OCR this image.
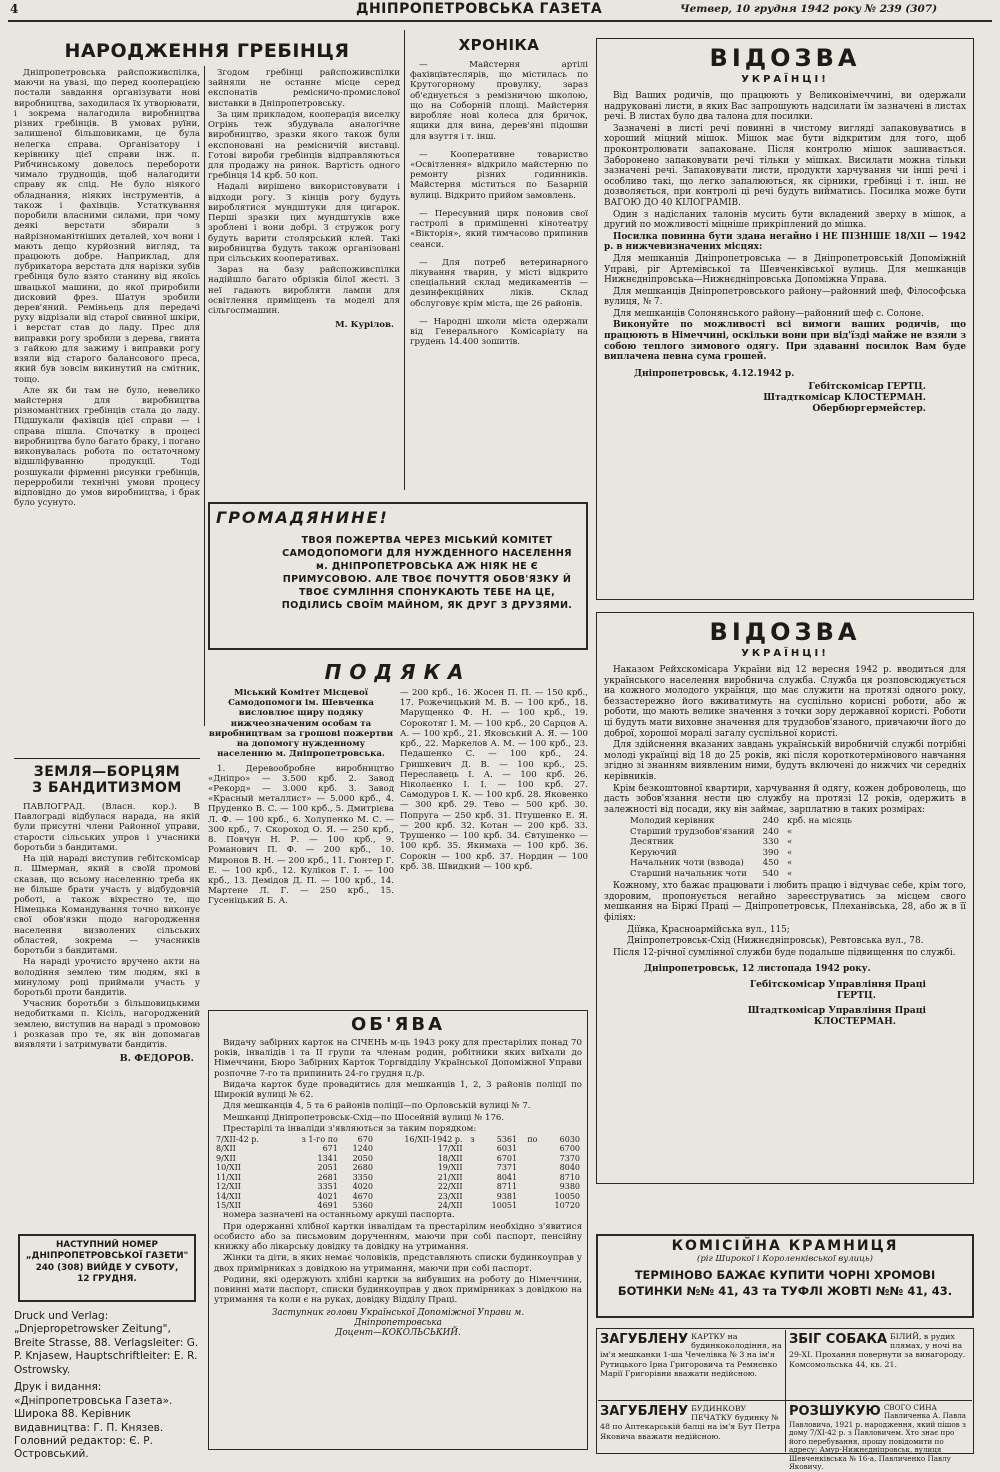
4	ДНІПРОПЕТРОВСЬКА ГАЗЕТА	Четвер, 10 грудня 1942 року № 239 (307)
НАРОДЖЕННЯ ГРЕБІНЦЯ

Дніпропетровська райспоживспілка, маючи на увазі, що перед кооперацією постали завдання організувати нові виробництва, заходилася їх утворювати, і зокрема налагодила виробництва різних гребінців. В умовах руїни, залишеної більшовиками, це була нелегка справа. Організатору і керівнику цієї справи інж. п. Рибчинському довелось перебороти чимало труднощів, щоб налагодити справу як слід. Не було ніякого обладнання, ніяких інструментів, а також і фахівців. Устаткування поробили власними силами, при чому деякі верстати збирали з найрізноманітніших деталей, хоч вони і мають дещо курйозний вигляд, та працюють добре. Наприклад, для лубрикатора верстата для нарізки зубів гребінця було взято станину від якоїсь швацької машини, до якої приробили дисковий фрез. Шатун зробили дерев'яний. Реміньець для передачі руху відрізали від старої свинної шкіри, і верстат став до ладу. Прес для виправки рогу зробили з дерева, гвинта з гайкою для зажиму і виправки рогу взяли від старого балансового преса, який був зовсім викинутий на смітник, тощо.

Але як би там не було, невелико майстерня для виробництва різноманітних гребінців стала до ладу. Підшукали фахівців цієї справи — і справа пішла. Спочатку в процесі виробництва було багато браку, і погано виконувалась робота по остаточному відшліфуванню продукції. Тоді розшукали фірменні рисунки гребінців, перерробили технічні умови процесу відповідно до умов виробництва, і брак було усунуто.

Згодом гребінці райспоживспілки зайняли не останнє місце серед експонатів ремісничо-промислової виставки в Дніпропетровську.

За цим прикладом, кооперація виселку Огрінь теж збудувала аналогічне виробництво, зразки якого також були експоновані на ремісничій виставці. Готові вироби гребінців відправляються для продажу на ринок. Вартість одного гребінця 14 крб. 50 коп.

Надалі вирішено використовувати і відходи рогу. З кінців рогу будуть вироблятися мундштуки для цигарок. Перші зразки цих мундштуків вже зроблені і вони добрі. З стружок рогу будуть варити столярський клей. Такі виробництва будуть також організовані при сільських кооперативах.

Зараз на базу райспоживспілки надійшло багато обрізків білої жесті. З неї гадають виробляти лампи для освітлення приміщень та моделі для сільгоспмашин.

М. Курілов.

ХРОНІКА

— Майстерня артілі фахівцівтеслярів, що містилась по Крутогорному провулку, зараз об'єднується з ремізничою школою, що на Соборній площі. Майстерня виробляє нові колеса для бричок, ящики для вина, дерев'яні підошви для взуття і т. інш.

— Кооперативне товариство «Освітлення» відкрило майстерню по ремонту різних годинників. Майстерня міститься по Базарній вулиці. Відкрито прийом замовлень.

— Пересувний цирк поновив свої гастролі в приміщенні кінотеатру «Вікторія», який тимчасово припинив сеанси.

— Для потреб ветеринарного лікування тварин, у місті відкрито спеціальний склад медикаментів — дезинфекційних ліків. Склад обслуговує крім міста, ще 26 районів.

— Народні школи міста одержали від Генерального Комісаріату на грудень 14.400 зошитів.

ВІДОЗВА
УКРАЇНЦІ!

Від Ваших родичів, що працюють у Великонімеччині, ви одержали надруковані листи, в яких Вас запрошують надсилати їм зазначені в листах речі. В листах було два талона для посилки.

Зазначені в листі речі повинні в чистому вигляді запаковуватись в хороший міцний мішок. Мішок має бути відкритим для того, щоб проконтролювати запаковане. Після контролю мішок зашивається. Заборонено запаковувати речі тільки у мішках. Висилати можна тільки зазначені речі. Запаковувати листи, продукти харчування чи інші речі і особливо такі, що легко запалюються, як сірники, гребінці і т. інш. не дозволяється, при контролі ці речі будуть вийматись. Посилка може бути ВАГОЮ ДО 40 КІЛОГРАМІВ.

Один з надісланих талонів мусить бути вкладений зверху в мішок, а другий по можливості міцніше прикріплений до мішка.

Посилка повинна бути здана негайно і НЕ ПІЗНІШЕ 18/XII — 1942 р. в нижчевизначених місцях:

Для мешканців Дніпропетровська — в Дніпропетровській Допоміжній Управі, ріг Артемівської та Шевченківської вулиць. Для мешканців Нижнєдніпровська—Нижнєдніпровська Допоміжна Управа.

Для мешканців Дніпропетровського району—районний шеф, Філософська вулиця, № 7.

Для мешканців Солонянського району—районний шеф с. Солоне.

Виконуйте по можливості всі вимоги ваших родичів, що працюють в Німеччині, оскільки вони при від'їзді майже не взяли з собою теплого зимового одягу. При здаванні посилок Вам буде виплачена певна сума грошей.

Дніпропетровськ, 4.12.1942 р.

Гебітскомісар ГЕРТЦ.

Штадткомісар КЛОСТЕРМАН.

Обербюргермейстер.

ГРОМАДЯНИНЕ!
ТВОЯ ПОЖЕРТВА ЧЕРЕЗ МІСЬКИЙ КОМІТЕТ САМОДОПОМОГИ ДЛЯ НУЖДЕННОГО НАСЕЛЕННЯ м. ДНІПРОПЕТРОВСЬКА АЖ НІЯК НЕ Є ПРИМУСОВОЮ. АЛЕ ТВОЄ ПОЧУТТЯ ОБОВ'ЯЗКУ Й ТВОЄ СУМЛІННЯ СПОНУКАЮТЬ ТЕБЕ НА ЦЕ, ПОДІЛИСЬ СВОЇМ МАЙНОМ, ЯК ДРУГ З ДРУЗЯМИ.
ПОДЯКА

Міський Комітет Місцевої Самодопомоги ім. Шевченка висловлює щиру подяку нижчеозначеним особам та виробництвам за грошові пожертви на допомогу нужденному населенню м. Дніпропетровська.

1. Деревообробне виробництво «Дніпро» — 3.500 крб. 2. Завод «Рекорд» — 3.000 крб. 3. Завод «Красный металлист» — 5.000 крб., 4. Пруденко В. С. — 100 крб., 5. Дмитрієва Л. Ф. — 100 крб., 6. Холупенко М. С. — 300 крб., 7. Скороход О. Я. — 250 крб., 8. Повчун Н. Р. — 100 крб., 9. Романович П. Ф. — 200 крб., 10. Миронов В. Н. — 200 крб., 11. Гюнтер Г. Е. — 100 крб., 12. Куліков Г. І. — 100 крб., 13. Демідов Д. П. — 100 крб., 14. Мартене Л. Г. — 250 крб., 15. Гусеніцький Б. А.

— 200 крб., 16. Жосен П. П. — 150 крб., 17. Рожечицький М. В. — 100 крб., 18. Марущенко Ф. Н. — 100 крб., 19. Сорокотяг І. М. — 100 крб., 20 Сарцов А. А. — 100 крб., 21. Яковський А. Я. — 100 крб., 22. Маркелов А. М. — 100 крб., 23. Педашенко С. — 100 крб., 24. Гришкевич Д. В. — 100 крб., 25. Переславець І. А. — 100 крб. 26. Ніколаєнко І. І. — 100 крб. 27. Самодуров І. К. — 100 крб. 28. Яковенко — 300 крб. 29. Тево — 500 крб. 30. Попруга — 250 крб. 31. Птушенко Е. Я. — 200 крб. 32. Котан — 200 крб. 33. Трушенко — 100 крб. 34. Євтушенко — 100 крб. 35. Якимаха — 100 крб. 36. Сорокін — 100 крб. 37. Нордин — 100 крб. 38. Швидкий — 100 крб.

ОБ'ЯВА

Видачу забірних карток на СІЧЕНЬ м-ць 1943 року для престарілих понад 70 років, інвалідів і та II групи та членам родин, робітники яких виїхали до Німеччини, Бюро Забірних Карток Торгвідділу Української Допоміжної Управи розпочне 7-го та припинить 24-го грудня ц./р.

Видача карток буде провадитись для мешканців 1, 2, 3 районів поліції по Широкій вулиці № 62.

Для мешканців 4, 5 та 6 районів поліції—по Орловській вулиці № 7.

Мешканці Дніпропетровськ-Схід—по Шосейній вулиці № 176.

Престарілі та інваліди з'являються за таким порядком:

7/XII-42 р.	з 1-го по	670	16/XII-1942 р.	з	5361	по	6030
8/XII	671	1240	17/XII		6031		6700
9/XII	1341	2050	18/XII		6701		7370
10/XII	2051	2680	19/XII		7371		8040
11/XII	2681	3350	21/XII		8041		8710
12/XII	3351	4020	22/XII		8711		9380
14/XII	4021	4670	23/XII		9381		10050
15/XII	4691	5360	24/XII		10051		10720

номера зазначені на останньому аркуші паспорта.

При одержанні хлібної картки інвалідам та престарілим необхідно з'явитися особисто або за письмовим дорученням, маючи при собі паспорт, пенсійну книжку або лікарську довідку та довідку на утримання.

Жінки та діти, в яких немає чоловіків, представляють списки будинкоуправ у двох примірниках з довідкою на утримання, маючи при собі паспорт.

Родини, які одержують хлібні картки за вибувших на роботу до Німеччини, повинні мати паспорт, списки будинкоуправ у двох примірниках з довідкою на утримання та коли є на руках, довідку Відділу Праці.

Заступник голови Української Допоміжної Управи м. Дніпропетровська

Доцент—КОКОЛЬСЬКИЙ.

ЗЕМЛЯ—БОРЦЯМ
З БАНДИТИЗМОМ

ПАВЛОГРАД. (Власн. кор.). В Павлограді відбулася нарада, на якій були присутні члени Районної управи, старости сільських упров і учасники боротьби з бандитами.

На цій нараді виступив гебітскомісар п. Шмерман, який в своїй промові сказав, що всьому населенню треба як не більше брати участь у відбудовчій роботі, а також віхрестно те, що Німецька Командування точно виконує свої обов'язки щодо нагородження населення визволених сільських областей, зокрема — учасників боротьби з бандитами.

На нараді урочисто вручено акти на володіння землею тим людям, які в минулому році приймали участь у боротьбі проти бандитів.

Учасник боротьби з більшовицькими недобитками п. Кісіль, нагороджений землею, виступив на нараді з промовою і розказав про те, як він допомагав виявляти і затримувати бандитів.

В. ФЕДОРОВ.

НАСТУПНИЙ НОМЕР
„ДНІПРОПЕТРОВСЬКОЇ ГАЗЕТИ"
240 (308) ВИЙДЕ У СУБОТУ,
12 ГРУДНЯ.

Druck und Verlag: „Dnjepropetrowsker Zeitung", Breite Strasse, 88. Verlagsleiter: G. P. Knjasew, Hauptschriftleiter: E. R. Ostrowsky.

Друк і видання: «Дніпропетровська Газета». Широка 88. Керівник видавництва: Г. П. Князев. Головний редактор: Є. Р. Островський.

ВІДОЗВА
УКРАЇНЦІ!

Наказом Рейхскомісара України від 12 вересня 1942 р. вводиться для українського населення виробнича служба. Служба ця розповсюджується на кожного молодого українця, що має служити на протязі одного року, беззастережно його вживатимуть на суспільно корисні роботи, або ж роботи, що мають велике значення з точки зору державної користі. Роботи ці будуть мати виховне значення для трудзобов'язаного, привчаючи його до доброї, хорошої моралі загалу суспільної користі.

Для здійснення вказаних завдань українській виробничій службі потрібні молоді українці від 18 до 25 років, які після короткотермінового навчання згідно зі знанням виявленим ними, будуть включені до нижчих чи середніх керівників.

Крім безкоштовної квартири, харчування й одягу, кожен доброволець, що дасть зобов'язання нести цю службу на протязі 12 років, одержить в залежності від посади, яку він займає, зарплатню в таких розмірах:

Молодий керівник	240	крб. на місяць
Старший трудзобов'язаний	240	«
Десятник	330	«
Керуючий	390	«
Начальник чоти (взвода)	450	«
Старший начальник чоти	540	«

Кожному, хто бажає працювати і любить працю і відчуває себе, крім того, здоровим, пропонується негайно зареєструватись за місцем свого мешкання на Біржі Праці — Дніпропетровськ, Плеханівська, 28, або ж в її філіях:

Діївка, Красноармійська вул., 115;

Дніпропетровськ-Схід (Нижнєдніпровськ), Ревтовська вул., 78.

Після 12-річної сумлінної служби буде подальше підвищення по службі.

Дніпропетровськ, 12 листопада 1942 року.

Гебітскомісар Управління Праці

ГЕРТЦ.

Штадткомісар Управління Праці

КЛОСТЕРМАН.

КОМІСІЙНА КРАМНИЦЯ
(ріг Широкої і Короленківської вулиць)
ТЕРМІНОВО БАЖАЄ КУПИТИ ЧОРНІ ХРОМОВІ
БОТИНКИ №№ 41, 43 та ТУФЛІ ЖОВТІ №№ 41, 43.
ЗАГУБЛЕНУ КАРТКУ на будинкоколодіння, на ім'я мешканки 1-ша Чечелівка № 3 на ім'я Рутицького Іриа Григоровича та Ремнєнко Марії Григорівни вважати недійсною.
ЗБІГ СОБАКА БІЛИЙ, в рудих плямах, у ночі на 29-XI. Прохання повернути за винагороду. Комсомольська 44, кв. 21.
ЗАГУБЛЕНУ БУДИНКОВУ ПЕЧАТКУ будинку № 48 по Аптекарській балці на ім'я Бут Петра Яковича вважати недійсною.
РОЗШУКУЮ СВОГО СИНА Павличенка А. Павла Павловича, 1921 р. народження, який пішов з дому 7/XI-42 р. з Павловичем. Хто знає про його перебування, прошу повідомити по адресу: Амур-Нижнєдніпровськ, вулиця Шевченківська № 16-а, Павличенко Павлу Яковичу.
